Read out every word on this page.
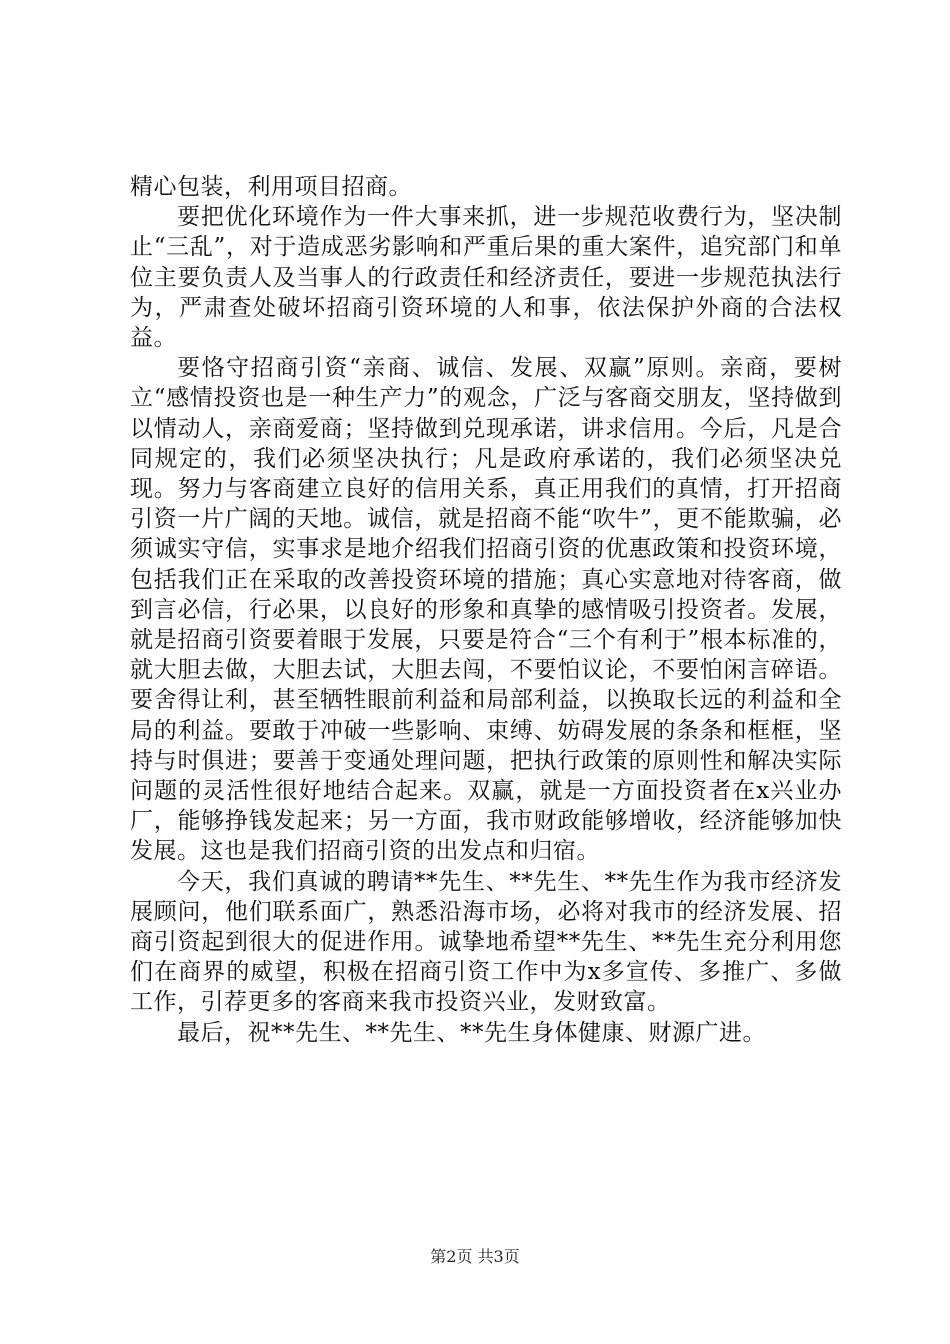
精心包装，利用项目招商。

要把优化环境作为一件大事来抓，进一步规范收费行为，坚决制止“三乱”，对于造成恶劣影响和严重后果的重大案件，追究部门和单位主要负责人及当事人的行政责任和经济责任，要进一步规范执法行为，严肃查处破坏招商引资环境的人和事，依法保护外商的合法权益。

要恪守招商引资“亲商、诚信、发展、双赢”原则。亲商，要树立“感情投资也是一种生产力”的观念，广泛与客商交朋友，坚持做到以情动人，亲商爱商；坚持做到兑现承诺，讲求信用。今后，凡是合同规定的，我们必须坚决执行；凡是政府承诺的，我们必须坚决兑现。努力与客商建立良好的信用关系，真正用我们的真情，打开招商引资一片广阔的天地。诚信，就是招商不能“吹牛”，更不能欺骗，必须诚实守信，实事求是地介绍我们招商引资的优惠政策和投资环境，包括我们正在采取的改善投资环境的措施；真心实意地对待客商，做到言必信，行必果，以良好的形象和真挚的感情吸引投资者。发展，就是招商引资要着眼于发展，只要是符合“三个有利于”根本标准的，就大胆去做，大胆去试，大胆去闯，不要怕议论，不要怕闲言碎语。要舍得让利，甚至牺牲眼前利益和局部利益，以换取长远的利益和全局的利益。要敢于冲破一些影响、束缚、妨碍发展的条条和框框，坚持与时俱进；要善于变通处理问题，把执行政策的原则性和解决实际问题的灵活性很好地结合起来。双赢，就是一方面投资者在x兴业办厂，能够挣钱发起来；另一方面，我市财政能够增收，经济能够加快发展。这也是我们招商引资的出发点和归宿。

今天，我们真诚的聘请**先生、**先生、**先生作为我市经济发展顾问，他们联系面广，熟悉沿海市场，必将对我市的经济发展、招商引资起到很大的促进作用。诚挚地希望**先生、**先生充分利用您们在商界的威望，积极在招商引资工作中为x多宣传、多推广、多做工作，引荐更多的客商来我市投资兴业，发财致富。

最后，祝**先生、**先生、**先生身体健康、财源广进。

第2页 共3页
